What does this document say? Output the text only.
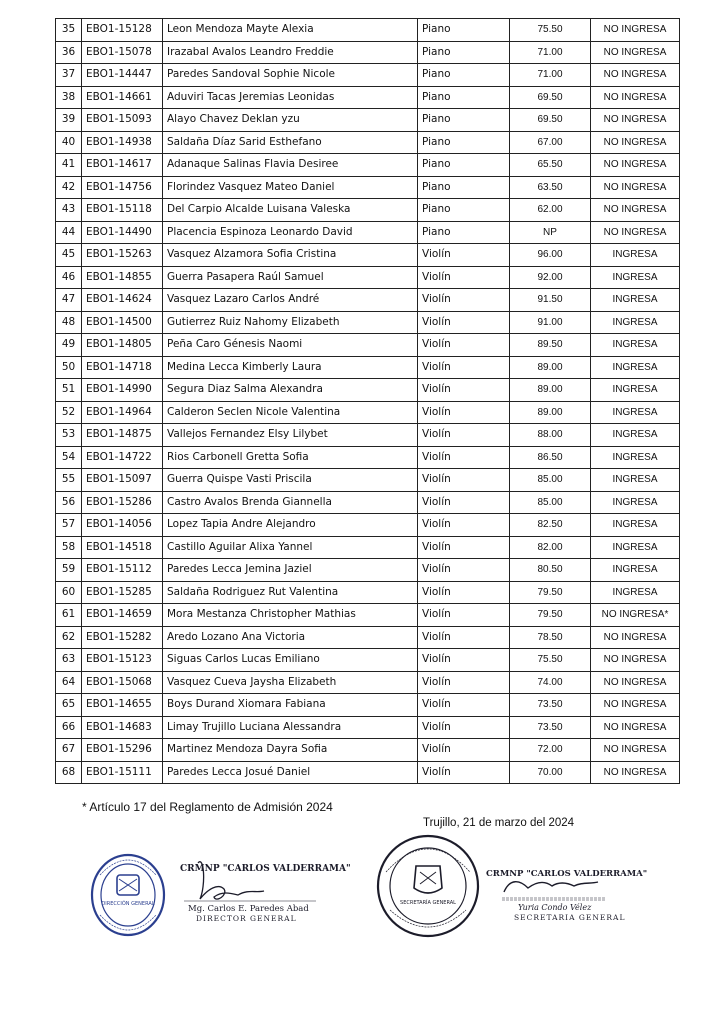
35	EBO1-15128	Leon Mendoza Mayte Alexia	Piano	75.50	NO INGRESA
36	EBO1-15078	Irazabal Avalos Leandro Freddie	Piano	71.00	NO INGRESA
37	EBO1-14447	Paredes Sandoval Sophie Nicole	Piano	71.00	NO INGRESA
38	EBO1-14661	Aduviri Tacas Jeremias Leonidas	Piano	69.50	NO INGRESA
39	EBO1-15093	Alayo Chavez Deklan yzu	Piano	69.50	NO INGRESA
40	EBO1-14938	Saldaña Díaz Sarid Esthefano	Piano	67.00	NO INGRESA
41	EBO1-14617	Adanaque Salinas Flavia Desiree	Piano	65.50	NO INGRESA
42	EBO1-14756	Florindez Vasquez Mateo Daniel	Piano	63.50	NO INGRESA
43	EBO1-15118	Del Carpio Alcalde Luisana Valeska	Piano	62.00	NO INGRESA
44	EBO1-14490	Placencia Espinoza Leonardo David	Piano	NP	NO INGRESA
45	EBO1-15263	Vasquez Alzamora Sofia Cristina	Violín	96.00	INGRESA
46	EBO1-14855	Guerra Pasapera Raúl Samuel	Violín	92.00	INGRESA
47	EBO1-14624	Vasquez Lazaro Carlos André	Violín	91.50	INGRESA
48	EBO1-14500	Gutierrez Ruiz Nahomy Elizabeth	Violín	91.00	INGRESA
49	EBO1-14805	Peña Caro Génesis Naomi	Violín	89.50	INGRESA
50	EBO1-14718	Medina Lecca Kimberly Laura	Violín	89.00	INGRESA
51	EBO1-14990	Segura Diaz Salma Alexandra	Violín	89.00	INGRESA
52	EBO1-14964	Calderon Seclen Nicole Valentina	Violín	89.00	INGRESA
53	EBO1-14875	Vallejos Fernandez Elsy Lilybet	Violín	88.00	INGRESA
54	EBO1-14722	Rios Carbonell Gretta Sofia	Violín	86.50	INGRESA
55	EBO1-15097	Guerra Quispe Vasti Priscila	Violín	85.00	INGRESA
56	EBO1-15286	Castro Avalos Brenda Giannella	Violín	85.00	INGRESA
57	EBO1-14056	Lopez Tapia Andre Alejandro	Violín	82.50	INGRESA
58	EBO1-14518	Castillo Aguilar Alixa Yannel	Violín	82.00	INGRESA
59	EBO1-15112	Paredes Lecca Jemina Jaziel	Violín	80.50	INGRESA
60	EBO1-15285	Saldaña Rodriguez Rut Valentina	Violín	79.50	INGRESA
61	EBO1-14659	Mora Mestanza Christopher Mathias	Violín	79.50	NO INGRESA*
62	EBO1-15282	Aredo Lozano Ana Victoria	Violín	78.50	NO INGRESA
63	EBO1-15123	Siguas Carlos Lucas Emiliano	Violín	75.50	NO INGRESA
64	EBO1-15068	Vasquez Cueva Jaysha Elizabeth	Violín	74.00	NO INGRESA
65	EBO1-14655	Boys Durand Xiomara Fabiana	Violín	73.50	NO INGRESA
66	EBO1-14683	Limay Trujillo Luciana Alessandra	Violín	73.50	NO INGRESA
67	EBO1-15296	Martinez Mendoza Dayra Sofia	Violín	72.00	NO INGRESA
68	EBO1-15111	Paredes Lecca Josué Daniel	Violín	70.00	NO INGRESA
* Artículo 17 del Reglamento de Admisión 2024
Trujillo, 21 de marzo del 2024
DIRECCIÓN GENERAL
CRMNP "CARLOS VALDERRAMA"
Mg. Carlos E. Paredes Abad
DIRECTOR GENERAL
SECRETARÍA GENERAL
CRMNP "CARLOS VALDERRAMA"
Yuria Condo Vélez
SECRETARIA GENERAL
